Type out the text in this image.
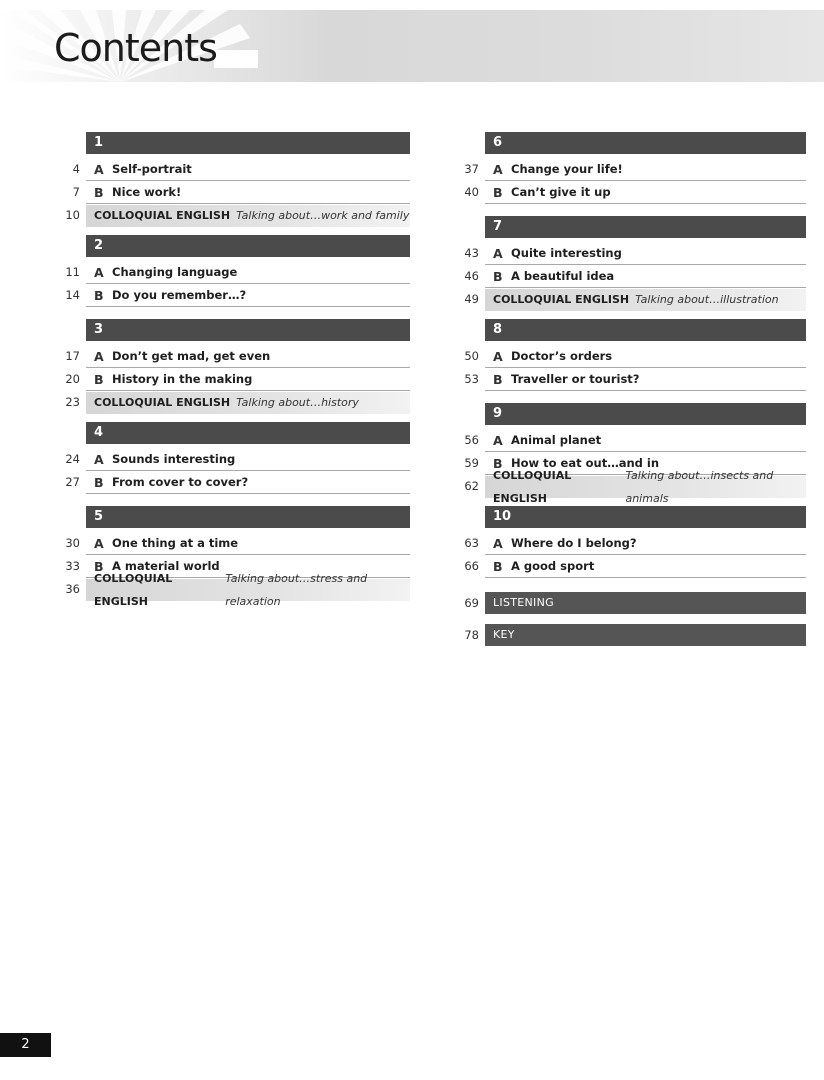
Contents
1
4 A Self-portrait
7 B Nice work!
10 COLLOQUIAL ENGLISH Talking about…work and family
2
11 A Changing language
14 B Do you remember…?
3
17 A Don’t get mad, get even
20 B History in the making
23 COLLOQUIAL ENGLISH Talking about…history
4
24 A Sounds interesting
27 B From cover to cover?
5
30 A One thing at a time
33 B A material world
36
COLLOQUIAL ENGLISH
Talking about…stress and relaxation
6
37 A Change your life!
40 B Can’t give it up
7
43 A Quite interesting
46 B A beautiful idea
49 COLLOQUIAL ENGLISH Talking about…illustration
8
50 A Doctor’s orders
53 B Traveller or tourist?
9
56 A Animal planet
59 B How to eat out…and in
62
COLLOQUIAL ENGLISH
Talking about…insects and animals
10
63 A Where do I belong?
66 B A good sport
69	LISTENING
78	KEY
2
